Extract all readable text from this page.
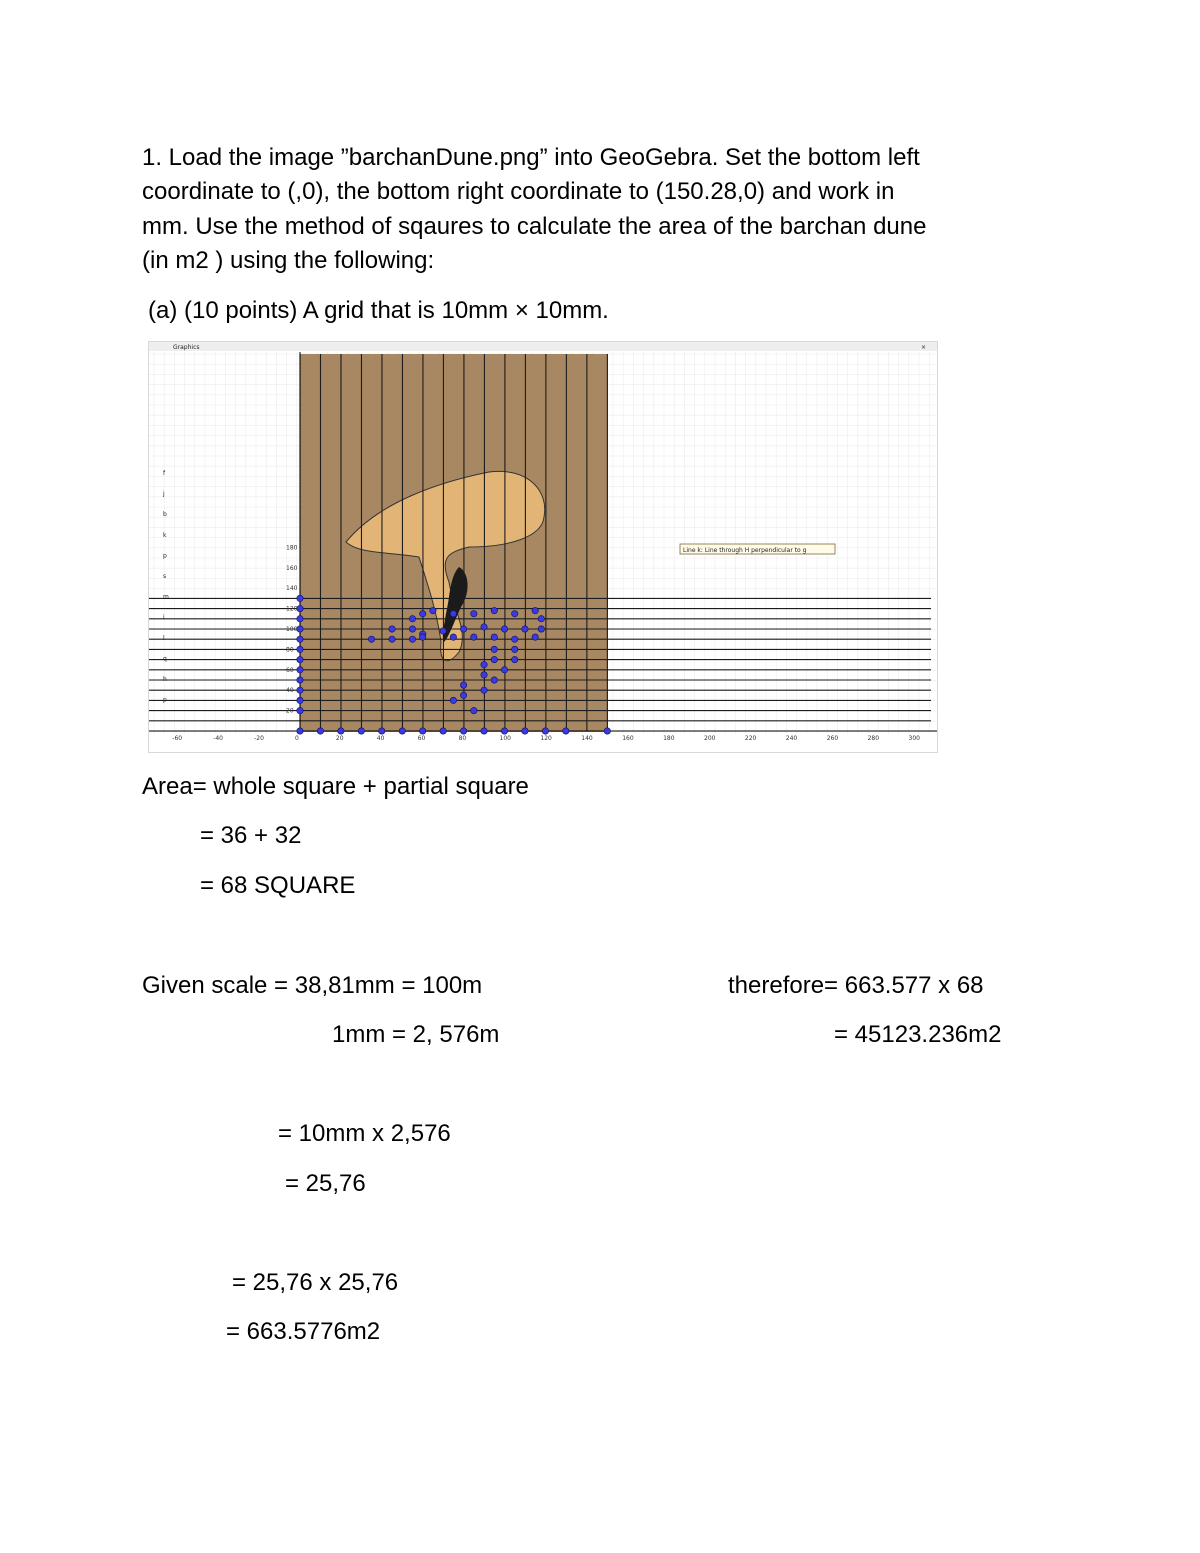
1. Load the image ”barchanDune.png” into GeoGebra. Set the bottom left
coordinate to (,0), the bottom right coordinate to (150.28,0) and work in
mm. Use the method of sqaures to calculate the area of the barchan dune
(in m2 ) using the following:
(a) (10 points) A grid that is 10mm × 10mm.
Graphics	×
-60	-40	-20	0	20	40	60	80	100	120	140	160	180	200	220	240	260	280	300
20
40
60
80
100
120
140
160
180
f
j
b
k
p
s
m
i
l
q
h
p
Line k: Line through H perpendicular to g
Area= whole square + partial square
= 36 + 32
= 68 SQUARE
Given scale = 38,81mm = 100m	therefore= 663.577 x 68
1mm = 2, 576m	= 45123.236m2
= 10mm x 2,576
= 25,76
= 25,76 x 25,76
= 663.5776m2
